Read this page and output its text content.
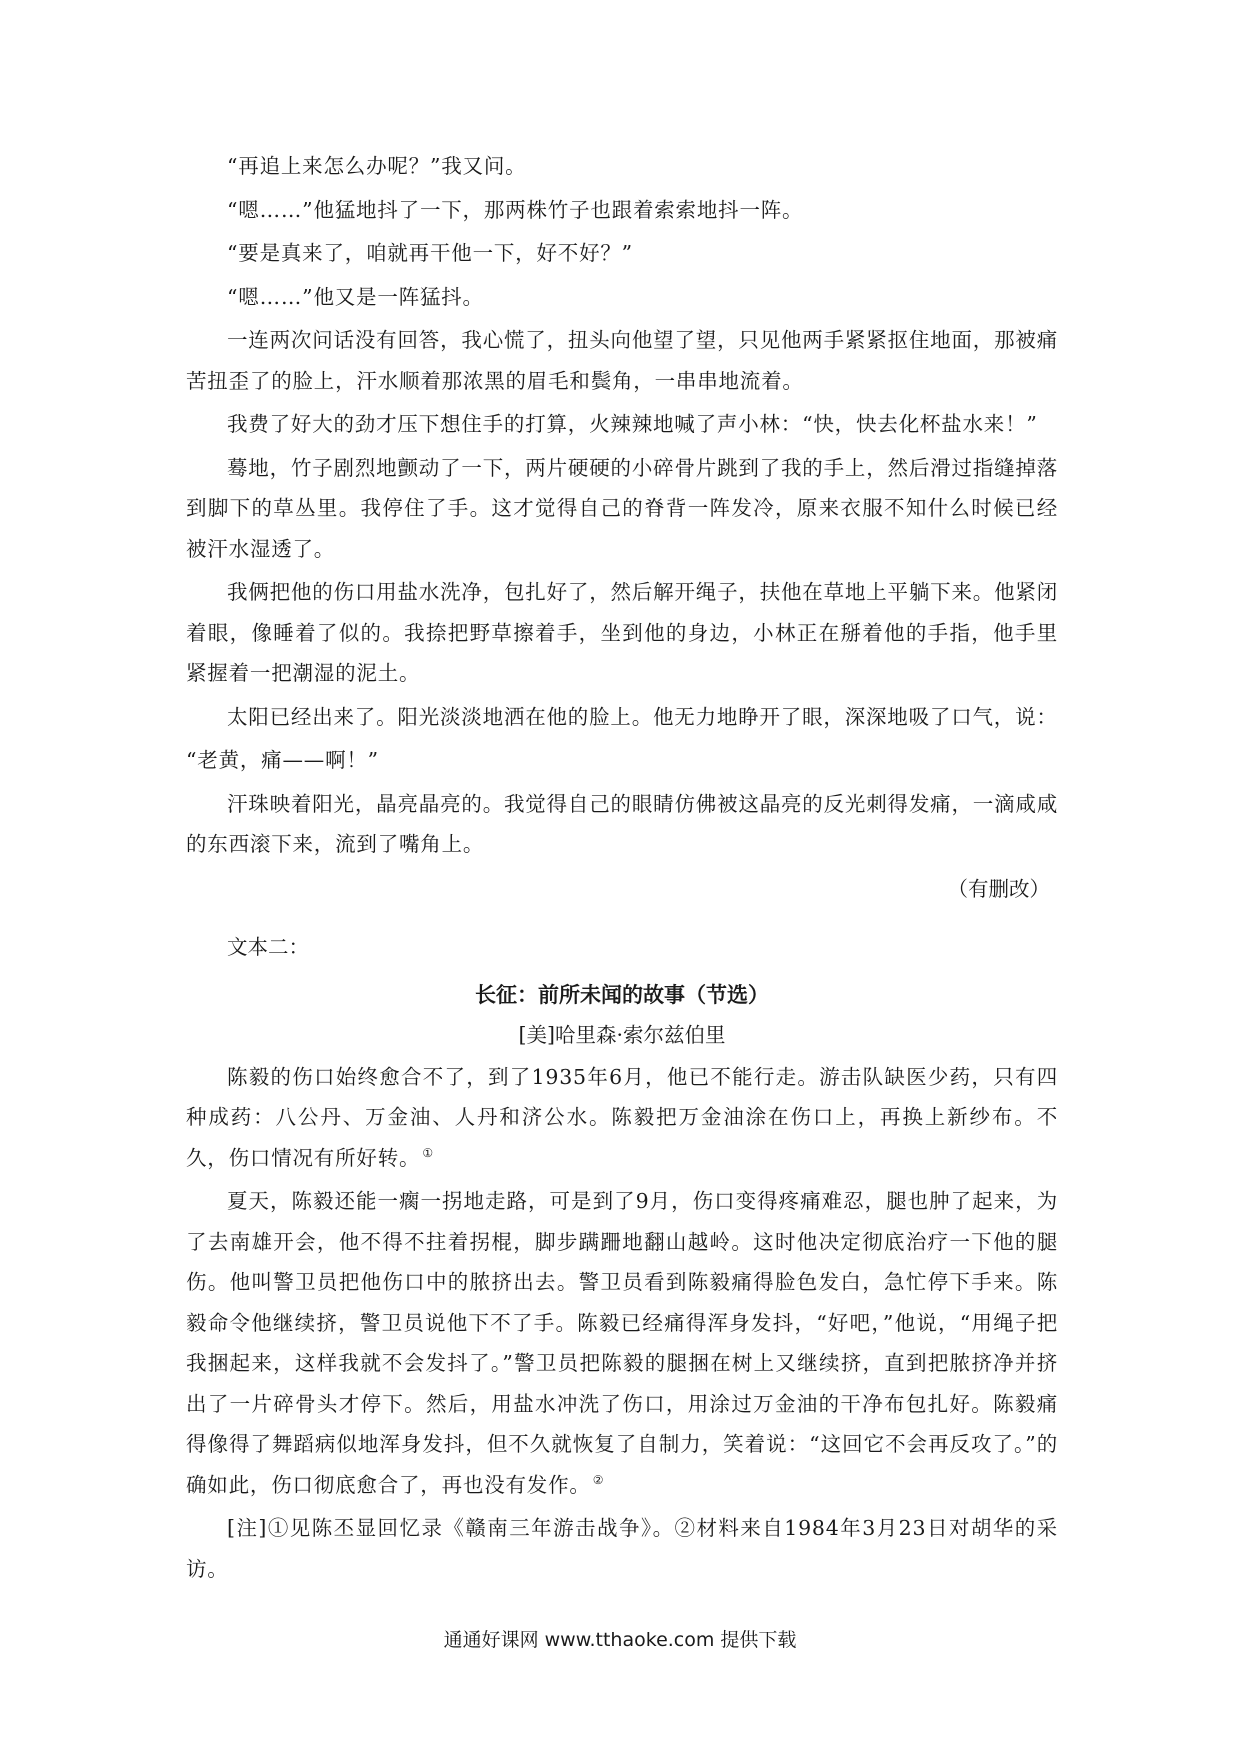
“再追上来怎么办呢？”我又问。

“嗯……”他猛地抖了一下，那两株竹子也跟着索索地抖一阵。

“要是真来了，咱就再干他一下，好不好？”

“嗯……”他又是一阵猛抖。

一连两次问话没有回答，我心慌了，扭头向他望了望，只见他两手紧紧抠住地面，那被痛苦扭歪了的脸上，汗水顺着那浓黑的眉毛和鬓角，一串串地流着。

我费了好大的劲才压下想住手的打算，火辣辣地喊了声小林：“快，快去化杯盐水来！”

蓦地，竹子剧烈地颤动了一下，两片硬硬的小碎骨片跳到了我的手上，然后滑过指缝掉落到脚下的草丛里。我停住了手。这才觉得自己的脊背一阵发冷，原来衣服不知什么时候已经被汗水湿透了。

我俩把他的伤口用盐水洗净，包扎好了，然后解开绳子，扶他在草地上平躺下来。他紧闭着眼，像睡着了似的。我捺把野草擦着手，坐到他的身边，小林正在掰着他的手指，他手里紧握着一把潮湿的泥土。

太阳已经出来了。阳光淡淡地洒在他的脸上。他无力地睁开了眼，深深地吸了口气，说：

“老黄，痛——啊！”

汗珠映着阳光，晶亮晶亮的。我觉得自己的眼睛仿佛被这晶亮的反光刺得发痛，一滴咸咸的东西滚下来，流到了嘴角上。

（有删改）
文本二：
长征：前所未闻的故事（节选）
[美]哈里森·索尔兹伯里

陈毅的伤口始终愈合不了，到了1935年6月，他已不能行走。游击队缺医少药，只有四种成药：八公丹、万金油、人丹和济公水。陈毅把万金油涂在伤口上，再换上新纱布。不久，伤口情况有所好转。 ①

夏天，陈毅还能一瘸一拐地走路，可是到了9月，伤口变得疼痛难忍，腿也肿了起来，为了去南雄开会，他不得不拄着拐棍，脚步蹒跚地翻山越岭。这时他决定彻底治疗一下他的腿伤。他叫警卫员把他伤口中的脓挤出去。警卫员看到陈毅痛得脸色发白，急忙停下手来。陈毅命令他继续挤，警卫员说他下不了手。陈毅已经痛得浑身发抖，“好吧，”他说，“用绳子把我捆起来，这样我就不会发抖了。”警卫员把陈毅的腿捆在树上又继续挤，直到把脓挤净并挤出了一片碎骨头才停下。然后，用盐水冲洗了伤口，用涂过万金油的干净布包扎好。陈毅痛得像得了舞蹈病似地浑身发抖，但不久就恢复了自制力，笑着说：“这回它不会再反攻了。”的确如此，伤口彻底愈合了，再也没有发作。 ②

[注]①见陈丕显回忆录《赣南三年游击战争》。②材料来自1984年3月23日对胡华的采访。

通通好课网 www.tthaoke.com 提供下载
